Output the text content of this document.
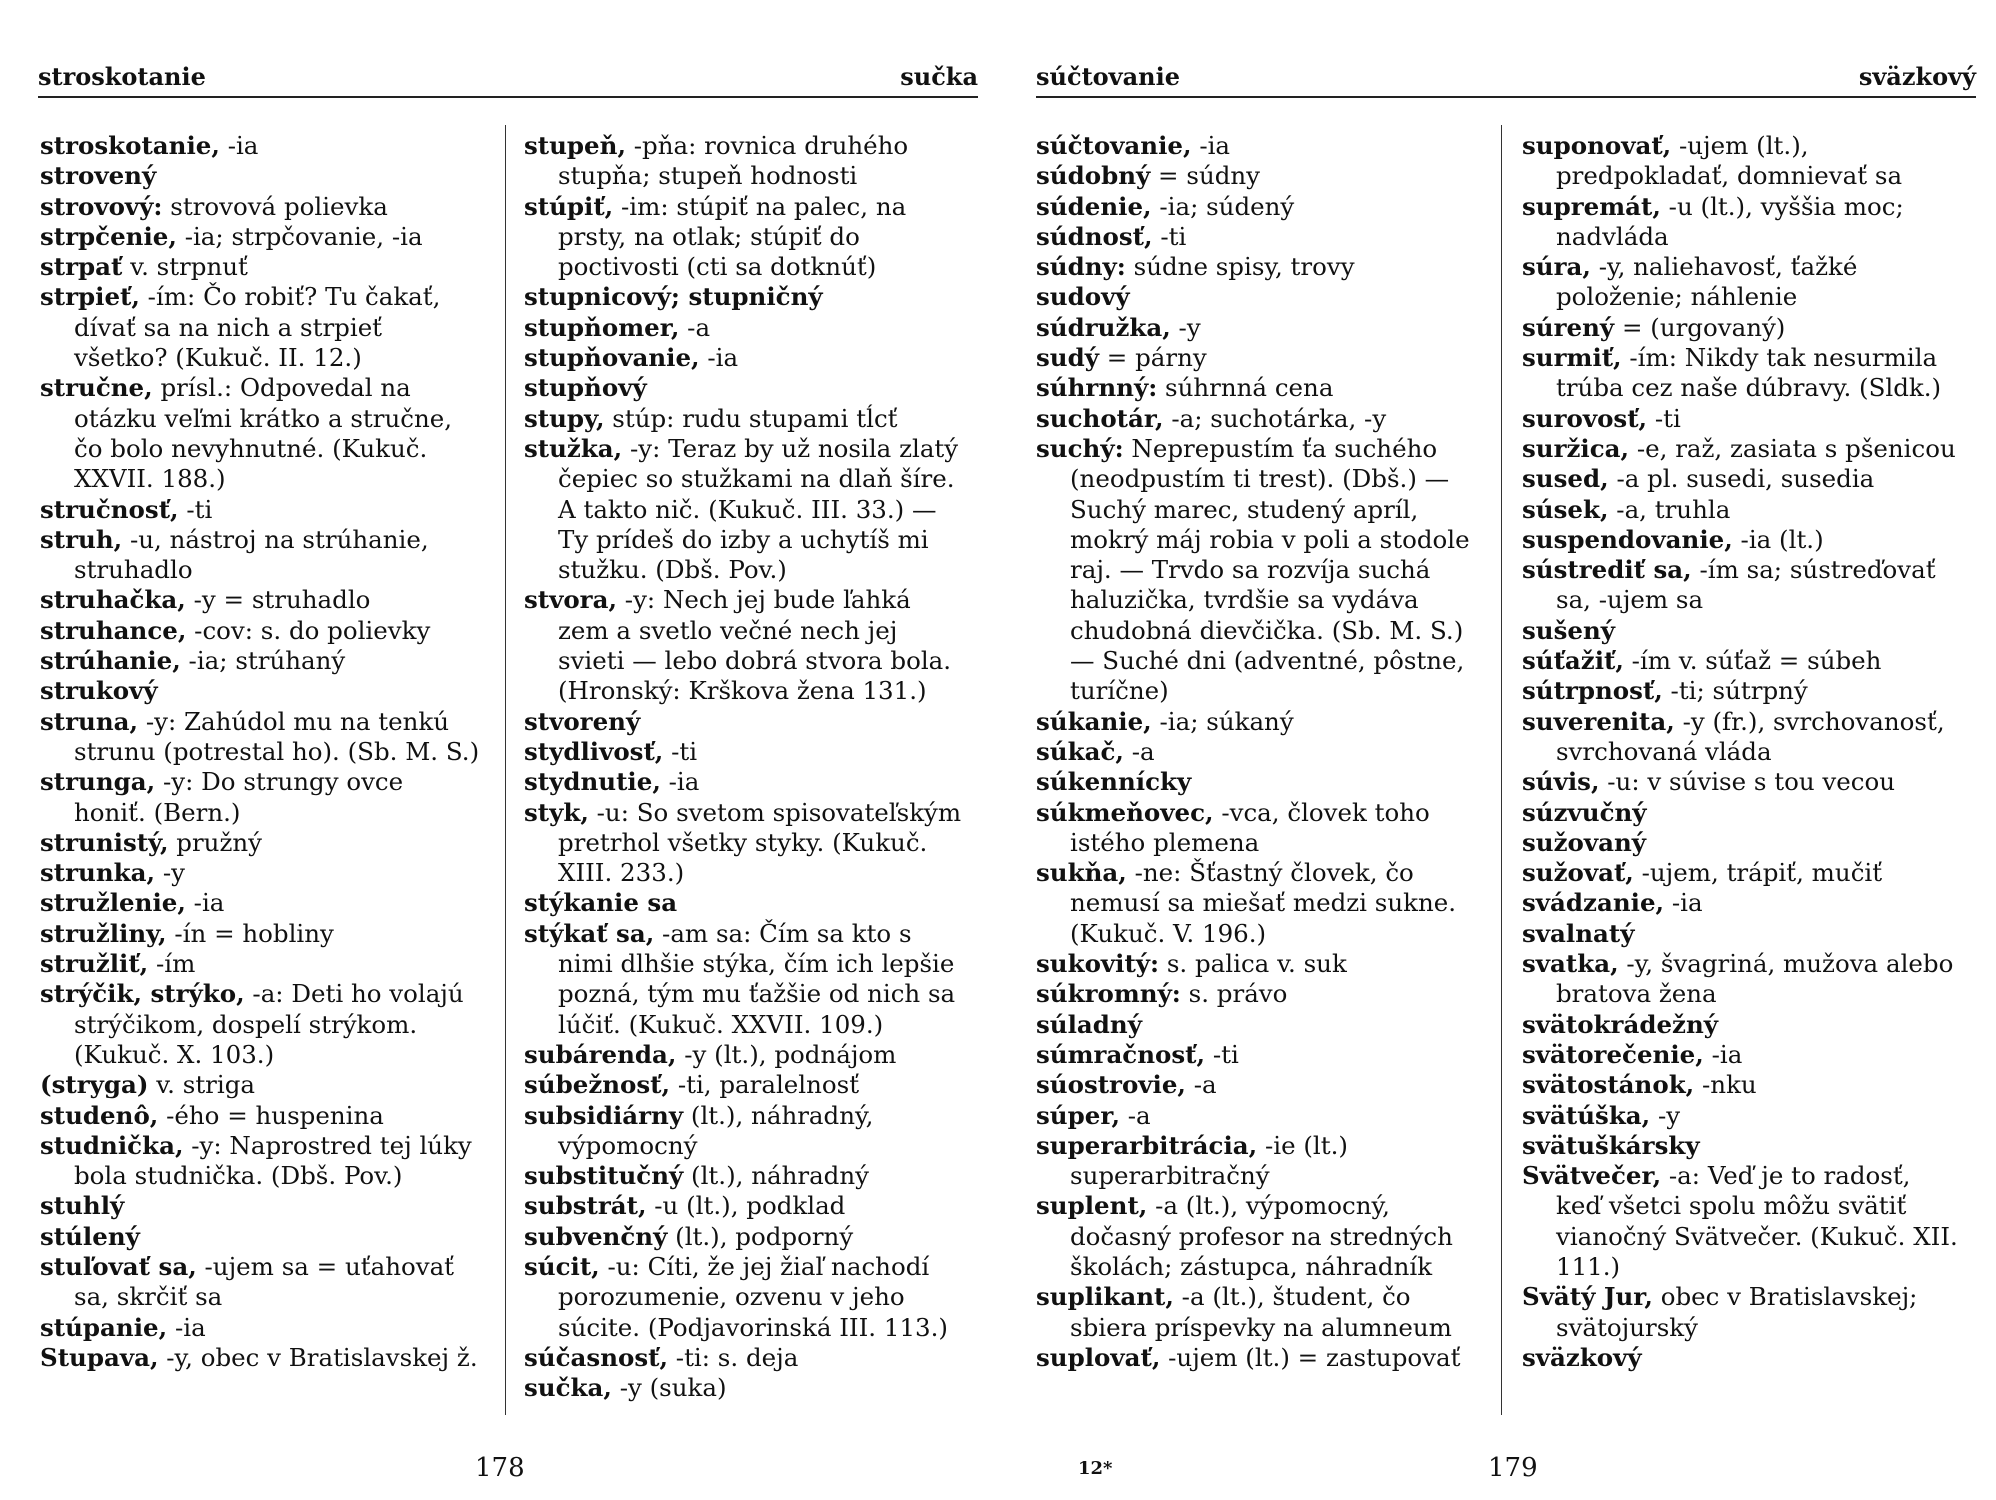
stroskotanie	sučka

stroskotanie, -ia

strovený

strovový: strovová polievka

strpčenie, -ia; strpčovanie, -ia

strpať v. strpnuť

strpieť, -ím: Čo robiť? Tu čakať, dívať sa na nich a strpieť všetko? (Kukuč. II. 12.)

stručne, prísl.: Odpovedal na otázku veľmi krátko a stručne, čo bolo nevyhnutné. (Kukuč. XXVII. 188.)

stručnosť, -ti

struh, -u, nástroj na strúhanie, struhadlo

struhačka, -y = struhadlo

struhance, -cov: s. do polievky

strúhanie, -ia; strúhaný

strukový

struna, -y: Zahúdol mu na tenkú strunu (potrestal ho). (Sb. M. S.)

strunga, -y: Do strungy ovce honiť. (Bern.)

strunistý, pružný

strunka, -y

stružlenie, -ia

stružliny, -ín = hobliny

stružliť, -ím

strýčik, strýko, -a: Deti ho volajú strýčikom, dospelí strýkom. (Kukuč. X. 103.)

(stryga) v. striga

studenô, -ého = huspenina

studnička, -y: Naprostred tej lúky bola studnička. (Dbš. Pov.)

stuhlý

stúlený

stuľovať sa, -ujem sa = uťahovať sa, skrčiť sa

stúpanie, -ia

Stupava, -y, obec v Bratislavskej ž.

stupeň, -pňa: rovnica druhého stupňa; stupeň hodnosti

stúpiť, -im: stúpiť na palec, na prsty, na otlak; stúpiť do poctivosti (cti sa dotknúť)

stupnicový; stupničný

stupňomer, -a

stupňovanie, -ia

stupňový

stupy, stúp: rudu stupami tĺcť

stužka, -y: Teraz by už nosila zlatý čepiec so stužkami na dlaň šíre. A takto nič. (Kukuč. III. 33.) — Ty prídeš do izby a uchytíš mi stužku. (Dbš. Pov.)

stvora, -y: Nech jej bude ľahká zem a svetlo večné nech jej svieti — lebo dobrá stvora bola. (Hronský: Krškova žena 131.)

stvorený

stydlivosť, -ti

stydnutie, -ia

styk, -u: So svetom spisovateľským pretrhol všetky styky. (Kukuč. XIII. 233.)

stýkanie sa

stýkať sa, -am sa: Čím sa kto s nimi dlhšie stýka, čím ich lepšie pozná, tým mu ťažšie od nich sa lúčiť. (Kukuč. XXVII. 109.)

subárenda, -y (lt.), podnájom

súbežnosť, -ti, paralelnosť

subsidiárny (lt.), náhradný, výpomocný

substitučný (lt.), náhradný

substrát, -u (lt.), podklad

subvenčný (lt.), podporný

súcit, -u: Cíti, že jej žiaľ nachodí porozumenie, ozvenu v jeho súcite. (Podjavorinská III. 113.)

súčasnosť, -ti: s. deja

sučka, -y (suka)

178
súčtovanie	sväzkový

súčtovanie, -ia

súdobný = súdny

súdenie, -ia; súdený

súdnosť, -ti

súdny: súdne spisy, trovy

sudový

súdružka, -y

sudý = párny

súhrnný: súhrnná cena

suchotár, -a; suchotárka, -y

suchý: Nepreрustím ťa suchého (neodpustím ti trest). (Dbš.) — Suchý marec, studený apríl, mokrý máj robia v poli a stodole raj. — Trvdo sa rozvíja suchá haluzička, tvrdšie sa vydáva chudobná dievčička. (Sb. M. S.) — Suché dni (adventné, pôstne, turíčne)

súkanie, -ia; súkaný

súkač, -a

súkennícky

súkmeňovec, -vca, človek toho istého plemena

sukňa, -ne: Šťastný človek, čo nemusí sa miešať medzi sukne. (Kukuč. V. 196.)

sukovitý: s. palica v. suk

súkromný: s. právo

súladný

súmračnosť, -ti

súostrovie, -a

súper, -a

superarbitrácia, -ie (lt.) superarbitračný

suplent, -a (lt.), výpomocný, dočasný profesor na stredných školách; zástupca, náhradník

suplikant, -a (lt.), študent, čo sbiera príspevky na alumneum

suplovať, -ujem (lt.) = zastupovať

suponovať, -ujem (lt.), predpokladať, domnievať sa

supremát, -u (lt.), vyššia moc; nadvláda

súra, -y, naliehavosť, ťažké položenie; náhlenie

súrený = (urgovaný)

surmiť, -ím: Nikdy tak nesurmila trúba cez naše dúbravy. (Sldk.)

surovosť, -ti

suržica, -e, raž, zasiata s pšenicou

sused, -a pl. susedi, susedia

súsek, -a, truhla

suspendovanie, -ia (lt.)

sústrediť sa, -ím sa; sústreďovať sa, -ujem sa

sušený

súťažiť, -ím v. súťaž = súbeh

sútrpnosť, -ti; sútrpný

suverenita, -y (fr.), svrchovanosť, svrchovaná vláda

súvis, -u: v súvise s tou vecou

súzvučný

sužovaný

sužovať, -ujem, trápiť, mučiť

svádzanie, -ia

svalnatý

svatka, -y, švagriná, mužova alebo bratova žena

svätokrádežný

svätorečenie, -ia

svätostánok, -nku

svätúška, -y

svätuškársky

Svätvečer, -a: Veď je to radosť, keď všetci spolu môžu svätiť vianočný Svätvečer. (Kukuč. XII. 111.)

Svätý Jur, obec v Bratislavskej; svätojurský

sväzkový

12*	179
